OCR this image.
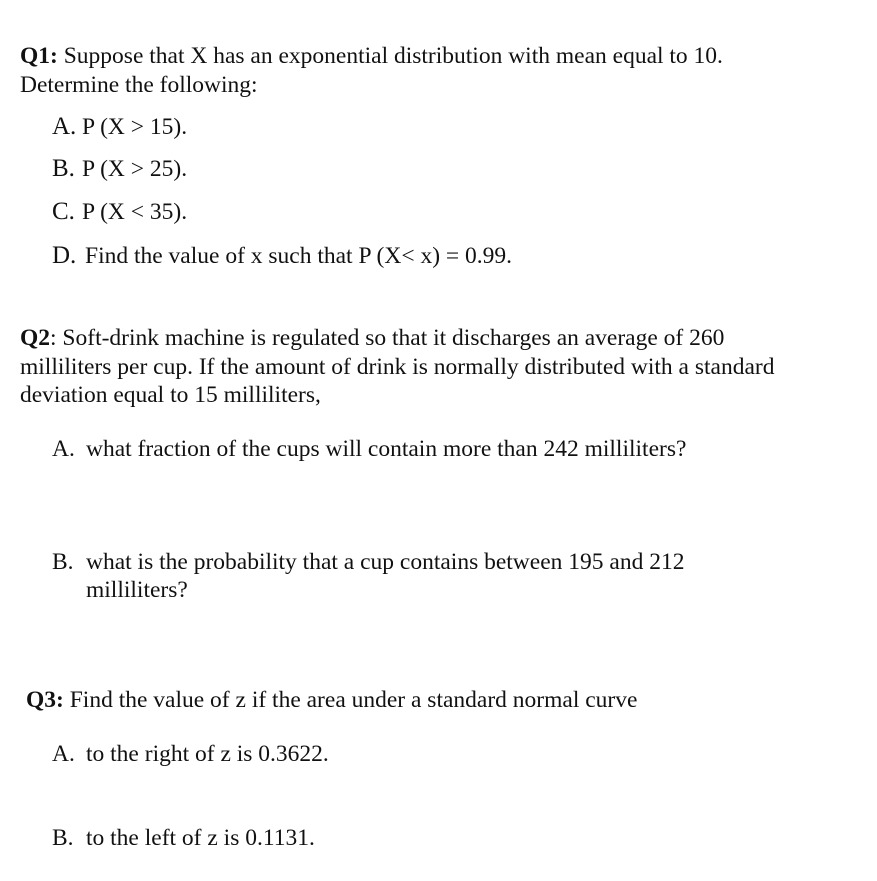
Q1: Suppose that X has an exponential distribution with mean equal to 10.
Determine the following:
A. P (X > 15).
B. P (X > 25).
C. P (X < 35).
D. Find the value of x such that P (X< x) = 0.99.
Q2: Soft-drink machine is regulated so that it discharges an average of 260
milliliters per cup. If the amount of drink is normally distributed with a standard
deviation equal to 15 milliliters,
A. what fraction of the cups will contain more than 242 milliliters?
B. what is the probability that a cup contains between 195 and 212
milliliters?
Q3: Find the value of z if the area under a standard normal curve
A. to the right of z is 0.3622.
B. to the left of z is 0.1131.
